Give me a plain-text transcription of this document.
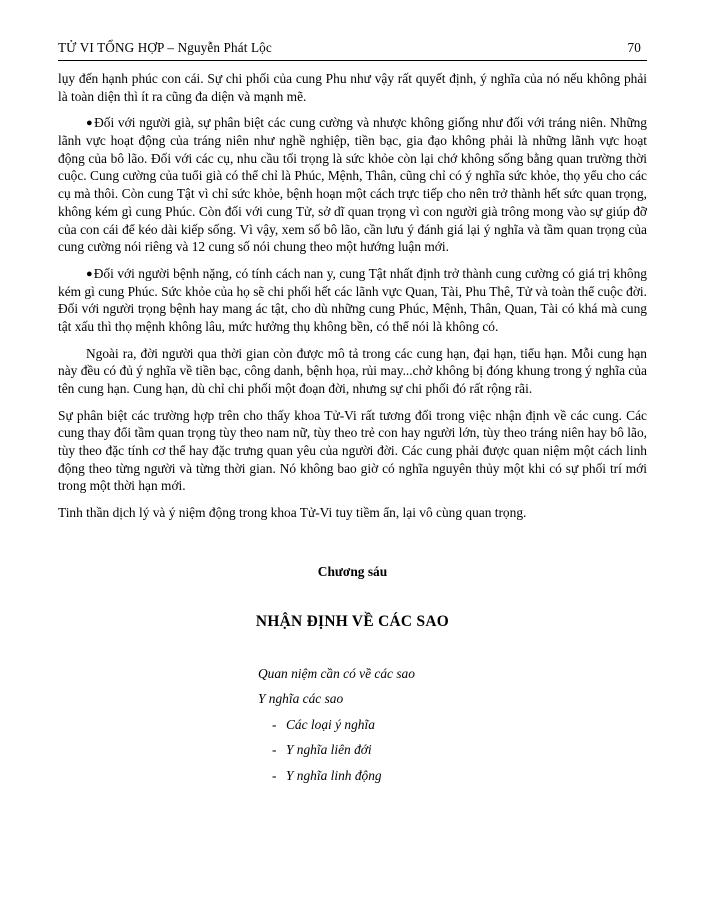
TỬ VI TỔNG HỢP – Nguyễn Phát Lộc	70

lụy đến hạnh phúc con cái. Sự chi phối của cung Phu như vậy rất quyết định, ý nghĩa của nó nếu không phải là toàn diện thì ít ra cũng đa diện và mạnh mẽ.

●Đối với người già, sự phân biệt các cung cường và nhược không giống như đối với tráng niên. Những lãnh vực hoạt động của tráng niên như nghề nghiệp, tiền bạc, gia đạo không phải là những lãnh vực hoạt động của bô lão. Đối với các cụ, nhu cầu tối trọng là sức khỏe còn lại chớ không sống bằng quan trường thời cuộc. Cung cường của tuổi già có thể chỉ là Phúc, Mệnh, Thân, cũng chỉ có ý nghĩa sức khỏe, thọ yểu cho các cụ mà thôi. Còn cung Tật vì chỉ sức khỏe, bệnh hoạn một cách trực tiếp cho nên trở thành hết sức quan trọng, không kém gì cung Phúc. Còn đối với cung Tử, sở dĩ quan trọng vì con người già trông mong vào sự giúp đỡ của con cái để kéo dài kiếp sống. Vì vậy, xem số bô lão, cần lưu ý đánh giá lại ý nghĩa và tầm quan trọng của cung cường nói riêng và 12 cung số nói chung theo một hướng luận mới.

●Đối với người bệnh nặng, có tính cách nan y, cung Tật nhất định trở thành cung cường có giá trị không kém gì cung Phúc. Sức khỏe của họ sẽ chi phối hết các lãnh vực Quan, Tài, Phu Thê, Tử và toàn thể cuộc đời. Đối với người trọng bệnh hay mang ác tật, cho dù những cung Phúc, Mệnh, Thân, Quan, Tài có khá mà cung tật xấu thì thọ mệnh không lâu, mức hưởng thụ không bền, có thể nói là không có.

Ngoài ra, đời người qua thời gian còn được mô tả trong các cung hạn, đại hạn, tiểu hạn. Mỗi cung hạn này đều có đủ ý nghĩa về tiền bạc, công danh, bệnh họa, rủi may...chở không bị đóng khung trong ý nghĩa của tên cung hạn. Cung hạn, dù chỉ chi phối một đoạn đời, nhưng sự chi phối đó rất rộng rãi.

Sự phân biệt các trường hợp trên cho thấy khoa Tử-Vi rất tương đối trong việc nhận định về các cung. Các cung thay đổi tầm quan trọng tùy theo nam nữ, tùy theo trẻ con hay người lớn, tùy theo tráng niên hay bô lão, tùy theo đặc tính cơ thể hay đặc trưng quan yêu của người đời. Các cung phải được quan niệm một cách linh động theo từng người và từng thời gian. Nó không bao giờ có nghĩa nguyên thủy một khi có sự phối trí mới trong một thời hạn mới.

Tinh thần dịch lý và ý niệm động trong khoa Tử-Vi tuy tiềm ẩn, lại vô cùng quan trọng.

Chương sáu
NHẬN ĐỊNH VỀ CÁC SAO
Quan niệm cần có về các sao
Y nghĩa các sao
- Các loại ý nghĩa
- Y nghĩa liên đới
- Y nghĩa linh động
